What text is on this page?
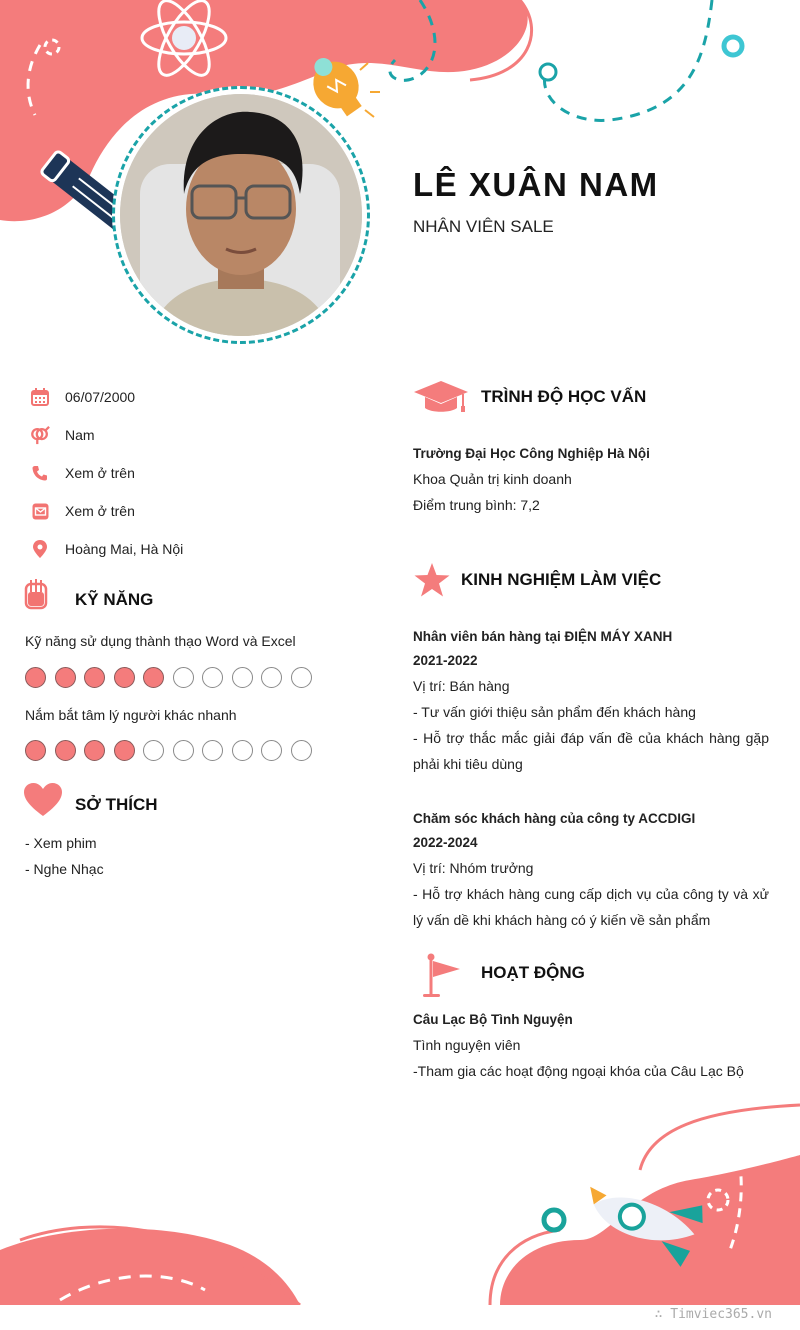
LÊ XUÂN NAM
NHÂN VIÊN SALE
06/07/2000
Nam
Xem ở trên
Xem ở trên
Hoàng Mai, Hà Nội
KỸ NĂNG
Kỹ năng sử dụng thành thạo Word và Excel
Nắm bắt tâm lý người khác nhanh
SỞ THÍCH
- Xem phim
- Nghe Nhạc
TRÌNH ĐỘ HỌC VẤN
Trường Đại Học Công Nghiệp Hà Nội
Khoa Quản trị kinh doanh
Điểm trung bình: 7,2
KINH NGHIỆM LÀM VIỆC
Nhân viên bán hàng tại ĐIỆN MÁY XANH
2021-2022
Vị trí: Bán hàng
- Tư vấn giới thiệu sản phẩm đến khách hàng
- Hỗ trợ thắc mắc giải đáp vấn đề của khách hàng gặp phải khi tiêu dùng
Chăm sóc khách hàng của công ty ACCDIGI
2022-2024
Vị trí: Nhóm trưởng
- Hỗ trợ khách hàng cung cấp dịch vụ của công ty và xử lý vấn dề khi khách hàng có ý kiến về sản phẩm
HOẠT ĐỘNG
Câu Lạc Bộ Tình Nguyện
Tình nguyện viên
-Tham gia các hoạt động ngoại khóa của Câu Lạc Bộ
∴ Timviec365.vn
